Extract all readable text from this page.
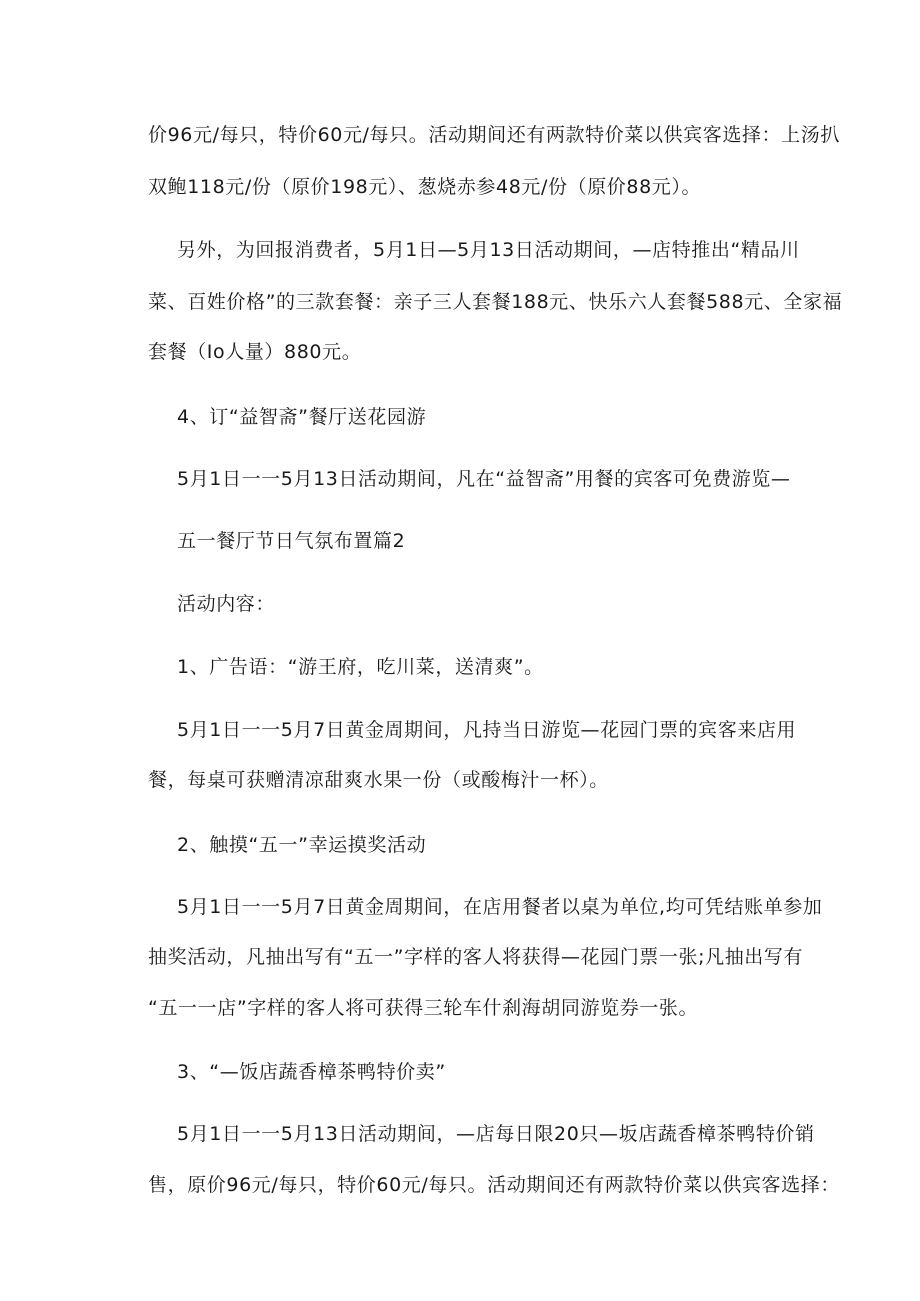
价96元/每只，特价60元/每只。活动期间还有两款特价菜以供宾客选择：上汤扒
双鲍118元/份（原价198元）、葱烧赤参48元/份（原价88元）。
另外，为回报消费者，5月1日—5月13日活动期间，—店特推出“精品川
菜、百姓价格”的三款套餐：亲子三人套餐188元、快乐六人套餐588元、全家福
套餐（Io人量）880元。
4、订“益智斋”餐厅送花园游
5月1日一一5月13日活动期间，凡在“益智斋”用餐的宾客可免费游览—
五一餐厅节日气氛布置篇2
活动内容：
1、广告语：“游王府，吃川菜，送清爽”。
5月1日一一5月7日黄金周期间，凡持当日游览—花园门票的宾客来店用
餐，每桌可获赠清凉甜爽水果一份（或酸梅汁一杯）。
2、触摸“五一”幸运摸奖活动
5月1日一一5月7日黄金周期间，在店用餐者以桌为单位,均可凭结账单参加
抽奖活动，凡抽出写有“五一”字样的客人将获得—花园门票一张;凡抽出写有
“五一一店”字样的客人将可获得三轮车什刹海胡同游览券一张。
3、“—饭店蔬香樟茶鸭特价卖”
5月1日一一5月13日活动期间，—店每日限20只—坂店蔬香樟茶鸭特价销
售，原价96元/每只，特价60元/每只。活动期间还有两款特价菜以供宾客选择：
